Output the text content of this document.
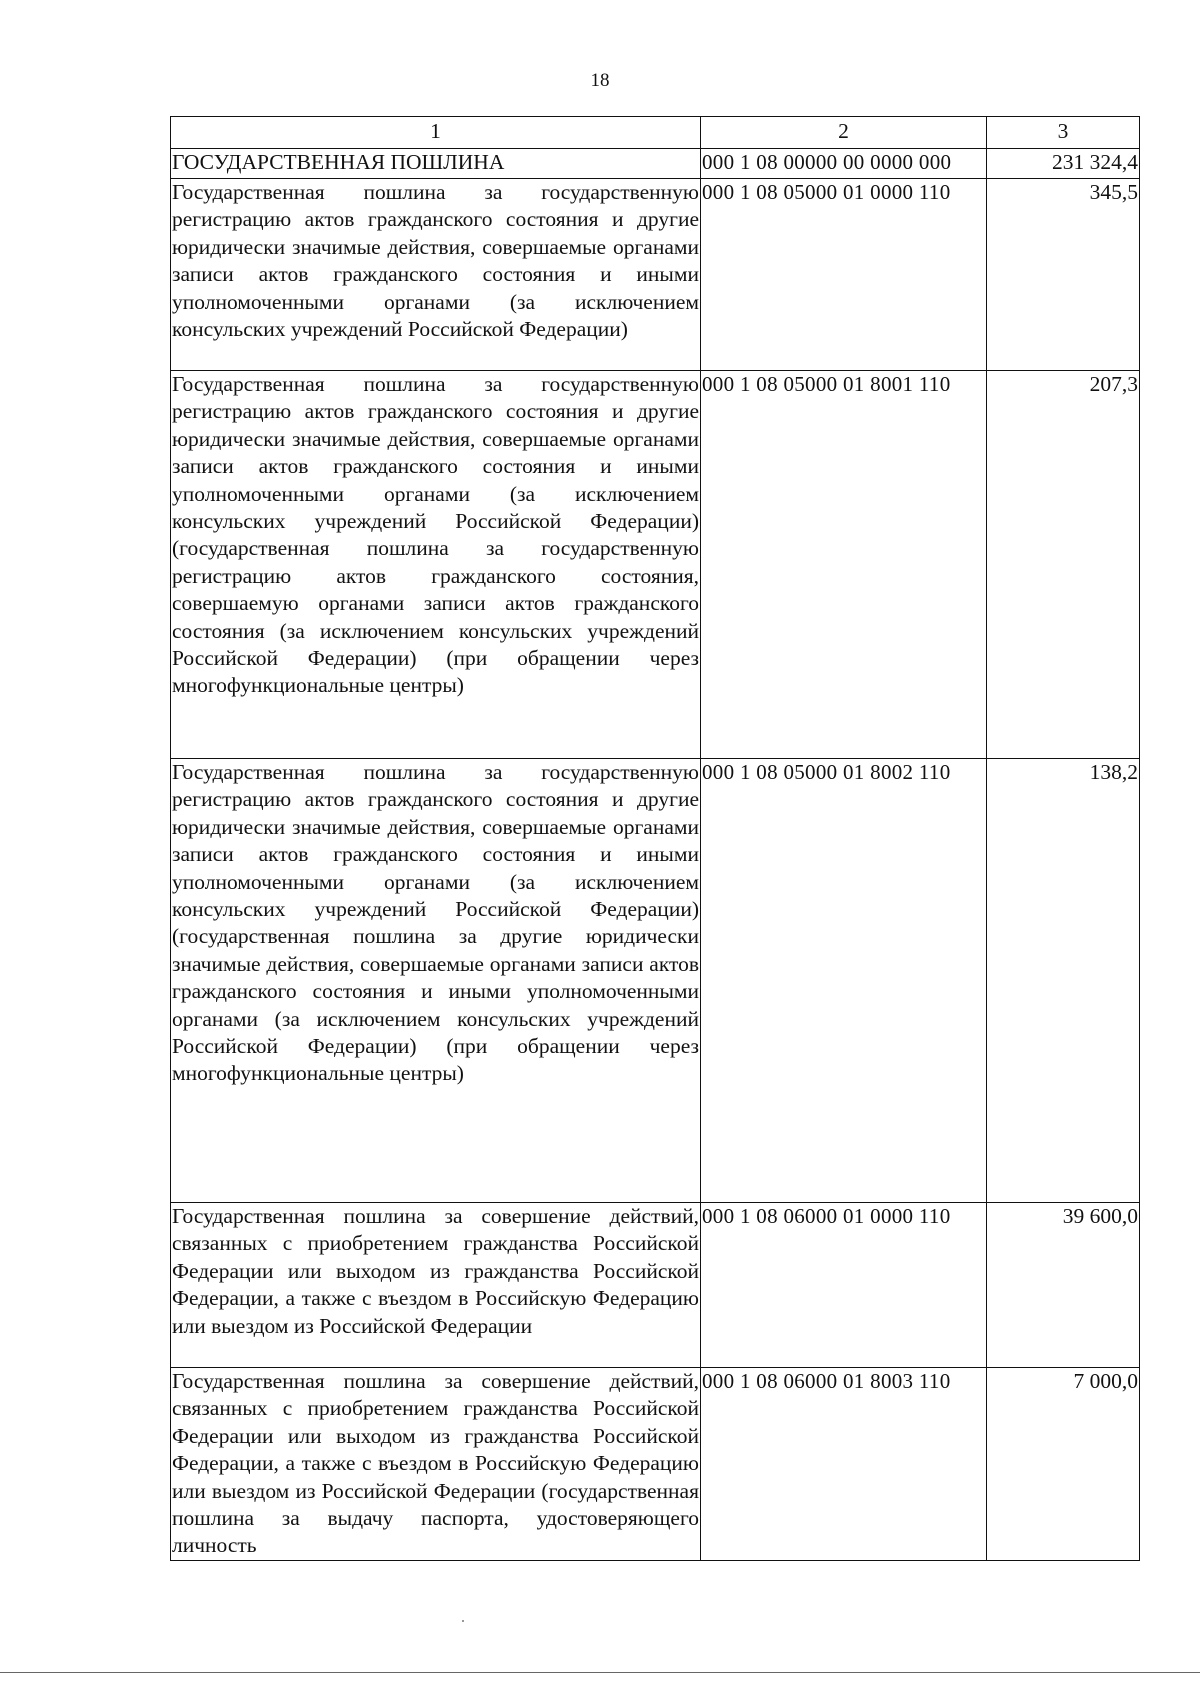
18
1	2	3
ГОСУДАРСТВЕННАЯ ПОШЛИНА	000 1 08 00000 00 0000 000	231 324,4
Государственная пошлина за государственную регистрацию актов гражданского состояния и другие юридически значимые действия, совершаемые органами записи актов гражданского состояния и иными уполномоченными органами (за исключением консульских учреждений Российской Федерации)	000 1 08 05000 01 0000 110	345,5
Государственная пошлина за государственную регистрацию актов гражданского состояния и другие юридически значимые действия, совершаемые органами записи актов гражданского состояния и иными уполномоченными органами (за исключением консульских учреждений Российской Федерации) (государственная пошлина за государственную регистрацию актов гражданского состояния, совершаемую органами записи актов гражданского состояния (за исключением консульских учреждений Российской Федерации) (при обращении через многофункциональные центры)	000 1 08 05000 01 8001 110	207,3
Государственная пошлина за государственную регистрацию актов гражданского состояния и другие юридически значимые действия, совершаемые органами записи актов гражданского состояния и иными уполномоченными органами (за исключением консульских учреждений Российской Федерации) (государственная пошлина за другие юридически значимые действия, совершаемые органами записи актов гражданского состояния и иными уполномоченными органами (за исключением консульских учреждений Российской Федерации) (при обращении через многофункциональные центры)	000 1 08 05000 01 8002 110	138,2
Государственная пошлина за совершение действий, связанных с приобретением гражданства Российской Федерации или выходом из гражданства Российской Федерации, а также с въездом в Российскую Федерацию или выездом из Российской Федерации	000 1 08 06000 01 0000 110	39 600,0
Государственная пошлина за совершение действий, связанных с приобретением гражданства Российской Федерации или выходом из гражданства Российской Федерации, а также с въездом в Российскую Федерацию или выездом из Российской Федерации (государственная пошлина за выдачу паспорта, удостоверяющего личность	000 1 08 06000 01 8003 110	7 000,0
